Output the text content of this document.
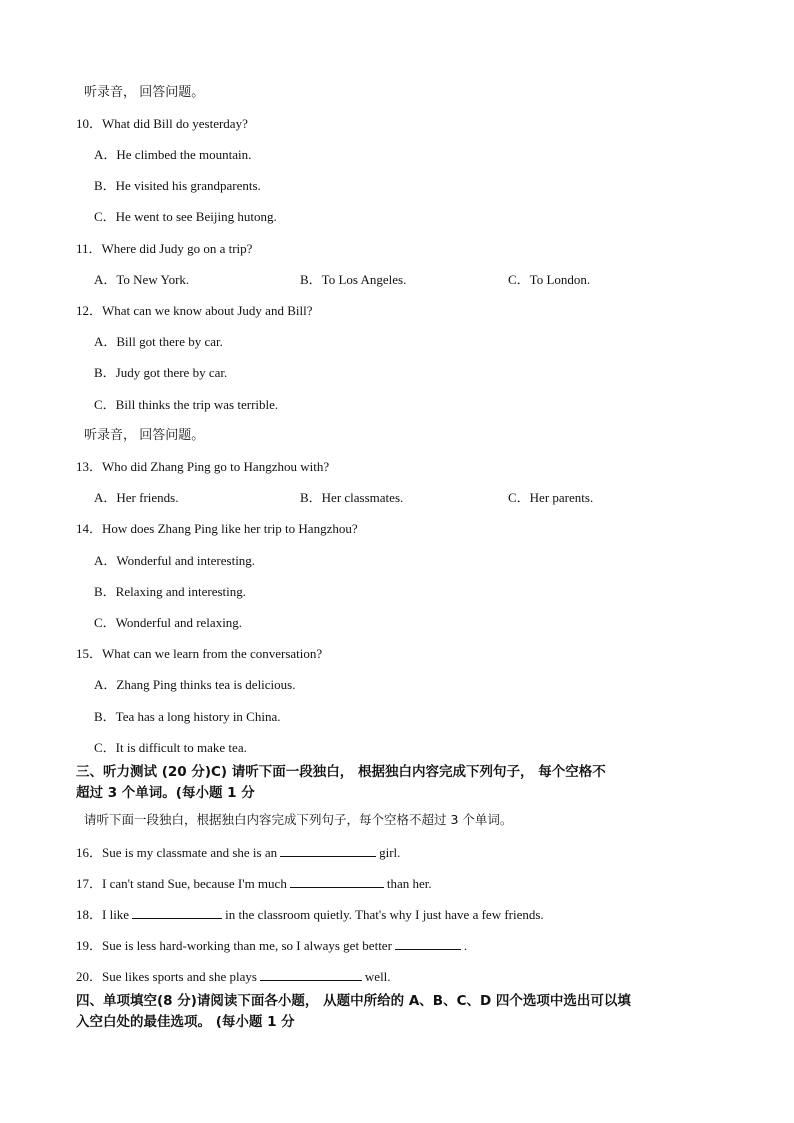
听录音， 回答问题。
10．What did Bill do yesterday?
A．He climbed the mountain.
B．He visited his grandparents.
C．He went to see Beijing hutong.
11．Where did Judy go on a trip?
A．To New York.	B．To Los Angeles.	C．To London.
12．What can we know about Judy and Bill?
A．Bill got there by car.
B．Judy got there by car.
C．Bill thinks the trip was terrible.
听录音， 回答问题。
13．Who did Zhang Ping go to Hangzhou with?
A．Her friends.	B．Her classmates.	C．Her parents.
14．How does Zhang Ping like her trip to Hangzhou?
A．Wonderful and interesting.
B．Relaxing and interesting.
C．Wonderful and relaxing.
15．What can we learn from the conversation?
A．Zhang Ping thinks tea is delicious.
B．Tea has a long history in China.
C．It is difficult to make tea.
三、听力测试 (20 分)C) 请听下面一段独白， 根据独白内容完成下列句子， 每个空格不
超过 3 个单词。(每小题 1 分
请听下面一段独白，根据独白内容完成下列句子，每个空格不超过 3 个单词。
16．Sue is my classmate and she is an	girl.
17．I can't stand Sue, because I'm much	than her.
18．I like	in the classroom quietly. That's why I just have a few friends.
19．Sue is less hard-working than me, so I always get better	.
20．Sue likes sports and she plays	well.
四、单项填空(8 分)请阅读下面各小题， 从题中所给的 A、B、C、D 四个选项中选出可以填
入空白处的最佳选项。 (每小题 1 分
